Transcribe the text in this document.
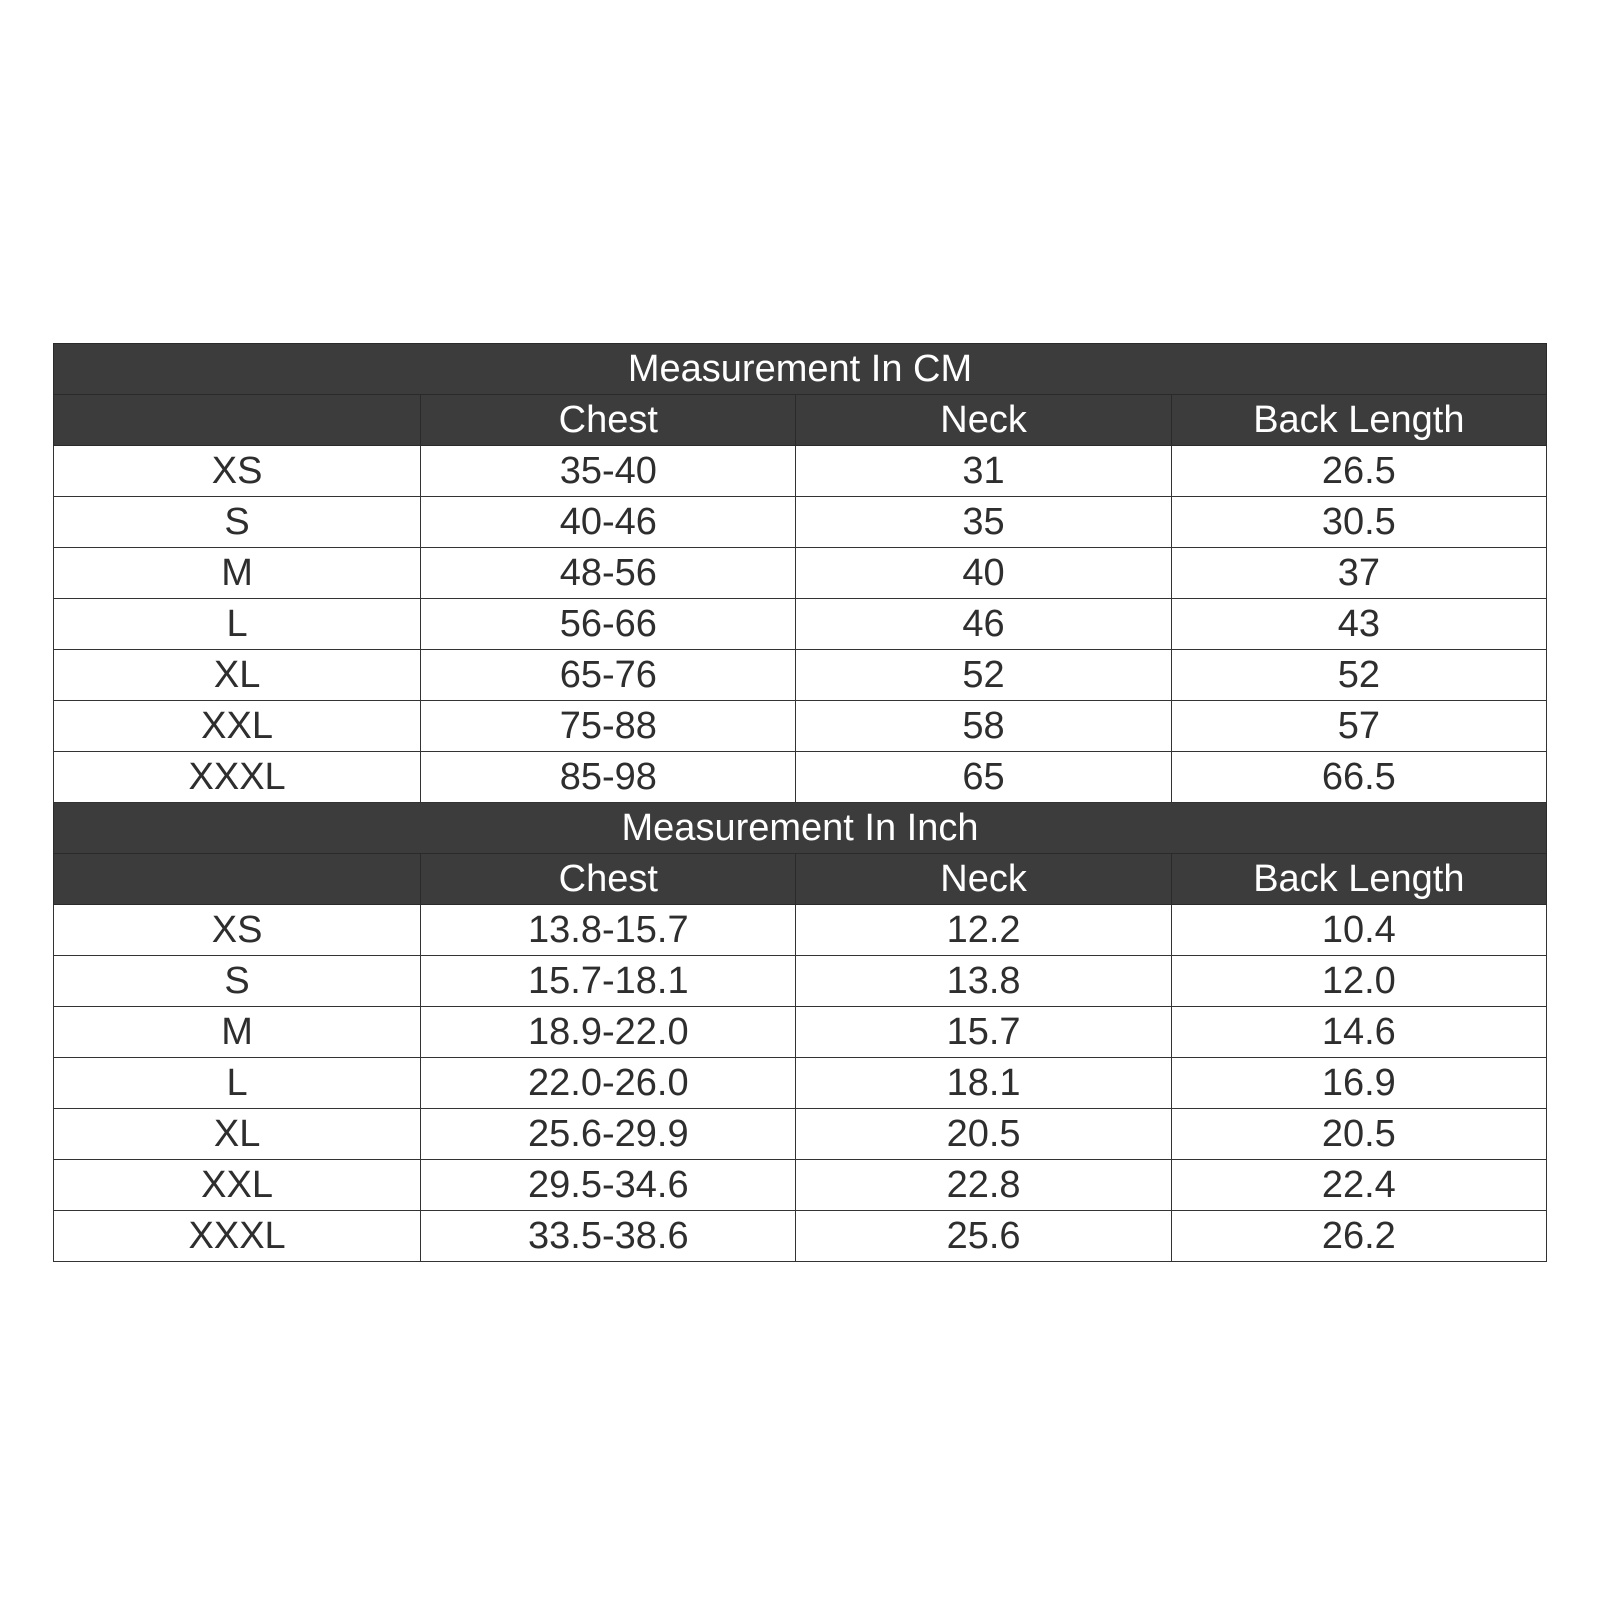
Measurement In CM			
	Chest	Neck	Back Length
XS	35-40	31	26.5
S	40-46	35	30.5
M	48-56	40	37
L	56-66	46	43
XL	65-76	52	52
XXL	75-88	58	57
XXXL	85-98	65	66.5
Measurement In Inch			
	Chest	Neck	Back Length
XS	13.8-15.7	12.2	10.4
S	15.7-18.1	13.8	12.0
M	18.9-22.0	15.7	14.6
L	22.0-26.0	18.1	16.9
XL	25.6-29.9	20.5	20.5
XXL	29.5-34.6	22.8	22.4
XXXL	33.5-38.6	25.6	26.2
